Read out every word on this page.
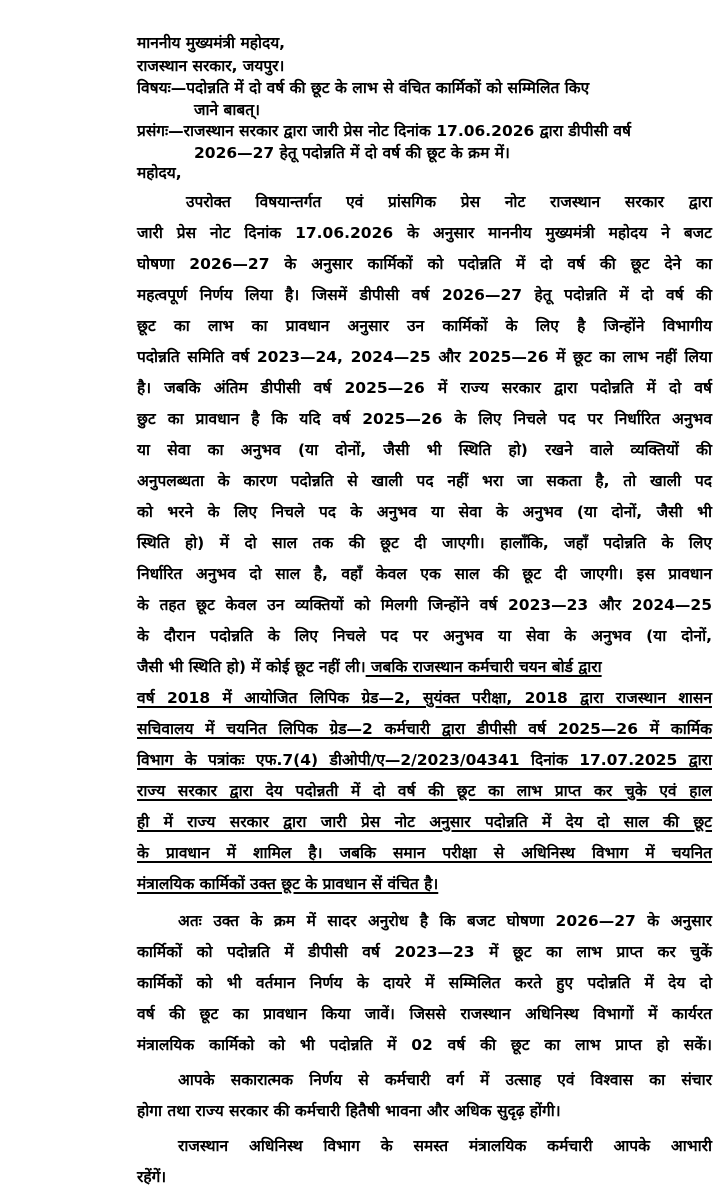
माननीय मुख्यमंत्री महोदय,
राजस्थान सरकार, जयपुर।
विषयः—पदोन्नति में दो वर्ष की छूट के लाभ से वंचित कार्मिकों को सम्मिलित किए
जाने बाबत्।
प्रसंगः—राजस्थान सरकार द्वारा जारी प्रेस नोट दिनांक 17.06.2026 द्वारा डीपीसी वर्ष
2026—27 हेतू पदोन्नति में दो वर्ष की छूट के क्रम में।
महोदय,
उपरोक्त विषयान्तर्गत एवं प्रांसगिक प्रेस नोट राजस्थान सरकार द्वारा
जारी प्रेस नोट दिनांक 17.06.2026 के अनुसार माननीय मुख्यमंत्री महोदय ने बजट
घोषणा 2026—27 के अनुसार कार्मिकों को पदोन्नति में दो वर्ष की छूट देने का
महत्वपूर्ण निर्णय लिया है। जिसमें डीपीसी वर्ष 2026—27 हेतू पदोन्नति में दो वर्ष की
छूट का लाभ का प्रावधान अनुसार उन कार्मिकों के लिए है जिन्होंने विभागीय
पदोन्नति समिति वर्ष 2023—24, 2024—25 और 2025—26 में छूट का लाभ नहीं लिया
है। जबकि अंतिम डीपीसी वर्ष 2025—26 में राज्य सरकार द्वारा पदोन्नति में दो वर्ष
छुट का प्रावधान है कि यदि वर्ष 2025—26 के लिए निचले पद पर निर्धारित अनुभव
या सेवा का अनुभव (या दोनों, जैसी भी स्थिति हो) रखने वाले व्यक्तियों की
अनुपलब्धता के कारण पदोन्नति से खाली पद नहीं भरा जा सकता है, तो खाली पद
को भरने के लिए निचले पद के अनुभव या सेवा के अनुभव (या दोनों, जैसी भी
स्थिति हो) में दो साल तक की छूट दी जाएगी। हालाँकि, जहाँ पदोन्नति के लिए
निर्धारित अनुभव दो साल है, वहाँ केवल एक साल की छूट दी जाएगी। इस प्रावधान
के तहत छूट केवल उन व्यक्तियों को मिलगी जिन्होंने वर्ष 2023—23 और 2024—25
के दौरान पदोन्नति के लिए निचले पद पर अनुभव या सेवा के अनुभव (या दोनों,
जैसी भी स्थिति हो) में कोई छूट नहीं ली। जबकि राजस्थान कर्मचारी चयन बोर्ड द्वारा
वर्ष 2018 में आयोजित लिपिक ग्रेड—2, सुयंक्त परीक्षा, 2018 द्वारा राजस्थान शासन
सचिवालय में चयनित लिपिक ग्रेड—2 कर्मचारी द्वारा डीपीसी वर्ष 2025—26 में कार्मिक
विभाग के पत्रांकः एफ.7(4) डीओपी/ए—2/2023/04341 दिनांक 17.07.2025 द्वारा
राज्य सरकार द्वारा देय पदोन्नती में दो वर्ष की छूट का लाभ प्राप्त कर चुके एवं हाल
ही में राज्य सरकार द्वारा जारी प्रेस नोट अनुसार पदोन्नति में देय दो साल की छूट
के प्रावधान में शामिल है। जबकि समान परीक्षा से अधिनिस्थ विभाग में चयनित
मंत्रालयिक कार्मिकों उक्त छूट के प्रावधान सें वंचित है।
अतः उक्त के क्रम में सादर अनुरोध है कि बजट घोषणा 2026—27 के अनुसार
कार्मिकों को पदोन्नति में डीपीसी वर्ष 2023—23 में छूट का लाभ प्राप्त कर चुकें
कार्मिकों को भी वर्तमान निर्णय के दायरे में सम्मिलित करते हुए पदोन्नति में देय दो
वर्ष की छूट का प्रावधान किया जावें। जिससे राजस्थान अधिनिस्थ विभागों में कार्यरत
मंत्रालयिक कार्मिको को भी पदोन्नति में 02 वर्ष की छूट का लाभ प्राप्त हो सकें।
आपके सकारात्मक निर्णय से कर्मचारी वर्ग में उत्साह एवं विश्वास का संचार
होगा तथा राज्य सरकार की कर्मचारी हितैषी भावना और अधिक सुदृढ़ होंगी।
राजस्थान अधिनिस्थ विभाग के समस्त मंत्रालयिक कर्मचारी आपके आभारी
रहेंगें।
